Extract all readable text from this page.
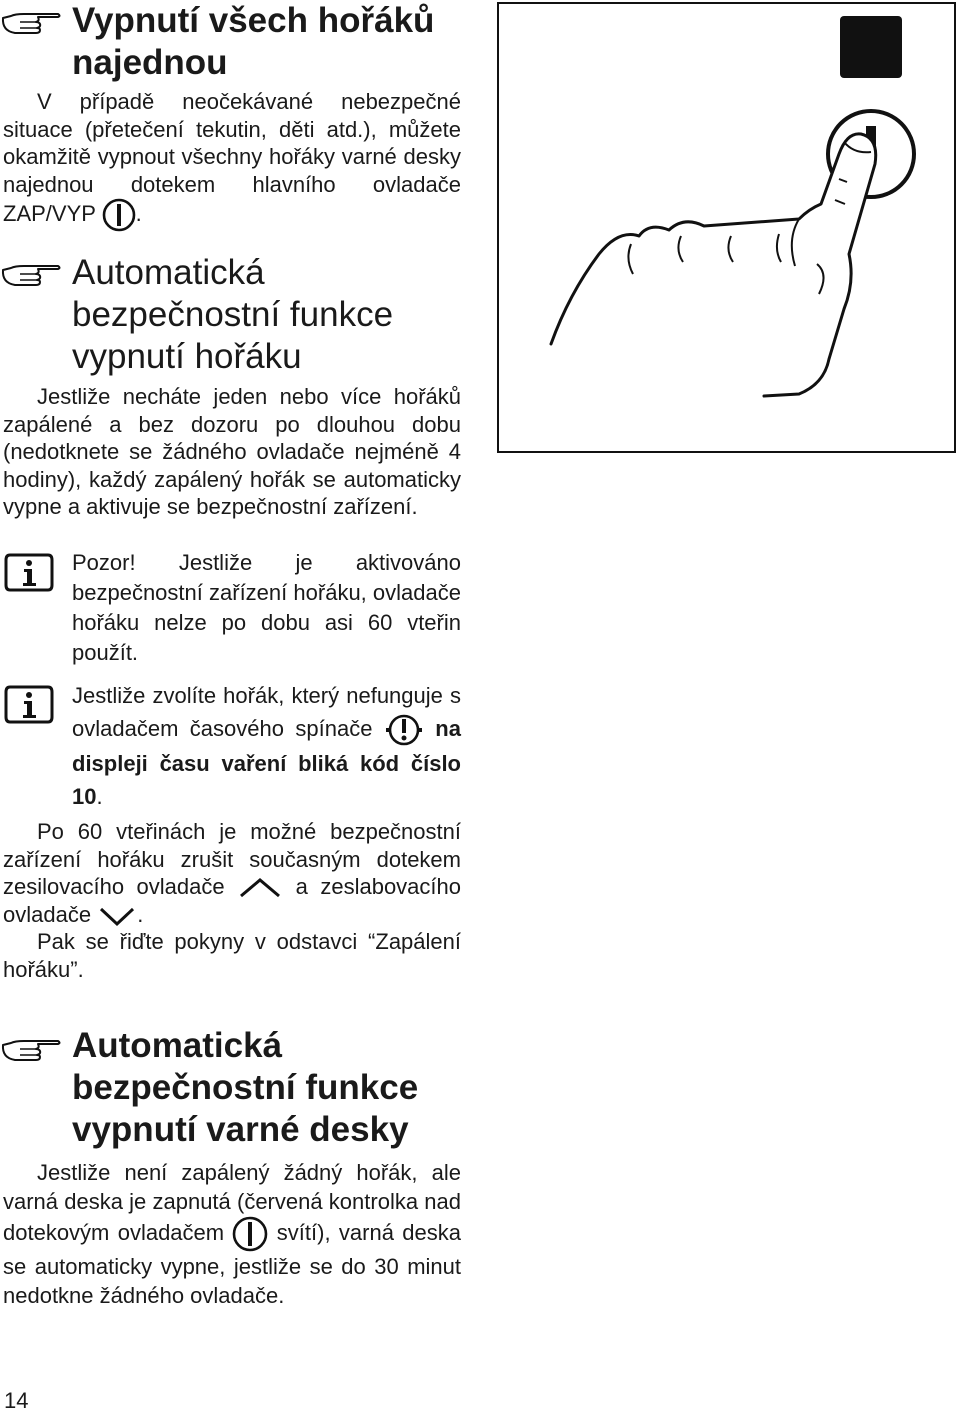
Vypnutí všech hořáků
najednou
V případě neočekávané nebezpečné situace (přetečení tekutin, děti atd.), můžete okamžitě vypnout všechny hořáky varné desky najednou dotekem hlavního ovladače ZAP/VYP .
Automatická
bezpečnostní funkce
vypnutí hořáku
Jestliže necháte jeden nebo více hořáků zapálené a bez dozoru po dlouhou dobu (nedotknete se žádného ovladače nejméně 4 hodiny), každý zapálený hořák se automaticky vypne a aktivuje se bezpečnostní zařízení.
Pozor! Jestliže je aktivováno bezpečnostní zařízení hořáku, ovladače hořáku nelze po dobu asi 60 vteřin použít.
Jestliže zvolíte hořák, který nefunguje s ovladačem časového spínače	na displeji času vaření bliká kód číslo 10.
Po 60 vteřinách je možné bezpečnostní zařízení hořáku zrušit současným dotekem zesilovacího ovladače	a zeslabovacího ovladače .
Pak se řiďte pokyny v odstavci “Zapálení hořáku”.
Automatická
bezpečnostní funkce
vypnutí varné desky
Jestliže není zapálený žádný hořák, ale varná deska je zapnutá (červená kontrolka nad dotekovým ovladačem svítí), varná deska se automaticky vypne, jestliže se do 30 minut nedotkne žádného ovladače.
14
